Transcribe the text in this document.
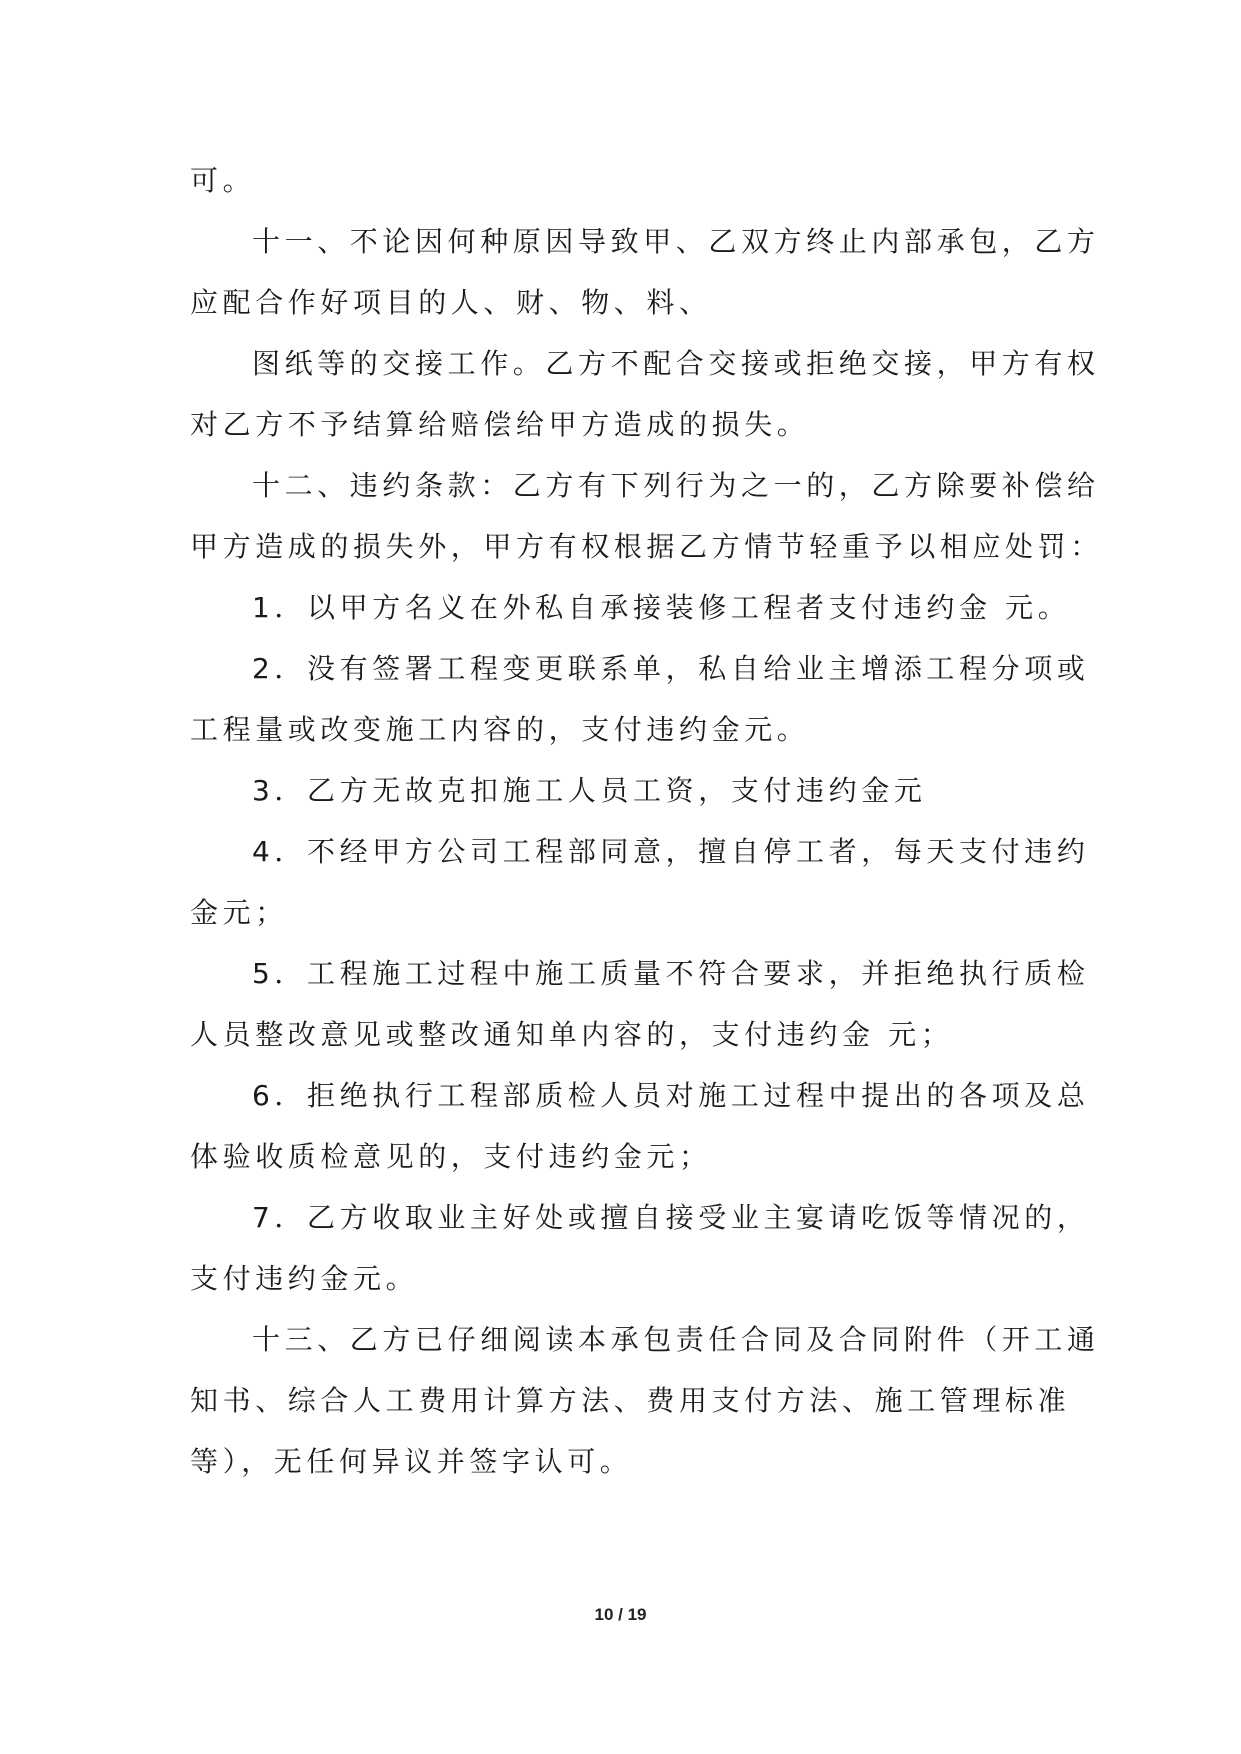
可。
十一、不论因何种原因导致甲、乙双方终止内部承包，乙方
应配合作好项目的人、财、物、料、
图纸等的交接工作。乙方不配合交接或拒绝交接，甲方有权
对乙方不予结算给赔偿给甲方造成的损失。
十二、违约条款：乙方有下列行为之一的，乙方除要补偿给
甲方造成的损失外，甲方有权根据乙方情节轻重予以相应处罚：
1．以甲方名义在外私自承接装修工程者支付违约金 元。
2．没有签署工程变更联系单，私自给业主增添工程分项或
工程量或改变施工内容的，支付违约金元。
3．乙方无故克扣施工人员工资，支付违约金元
4．不经甲方公司工程部同意，擅自停工者，每天支付违约
金元；
5．工程施工过程中施工质量不符合要求，并拒绝执行质检
人员整改意见或整改通知单内容的，支付违约金 元；
6．拒绝执行工程部质检人员对施工过程中提出的各项及总
体验收质检意见的，支付违约金元；
7．乙方收取业主好处或擅自接受业主宴请吃饭等情况的，
支付违约金元。
十三、乙方已仔细阅读本承包责任合同及合同附件（开工通
知书、综合人工费用计算方法、费用支付方法、施工管理标准
等），无任何异议并签字认可。
10 / 19
